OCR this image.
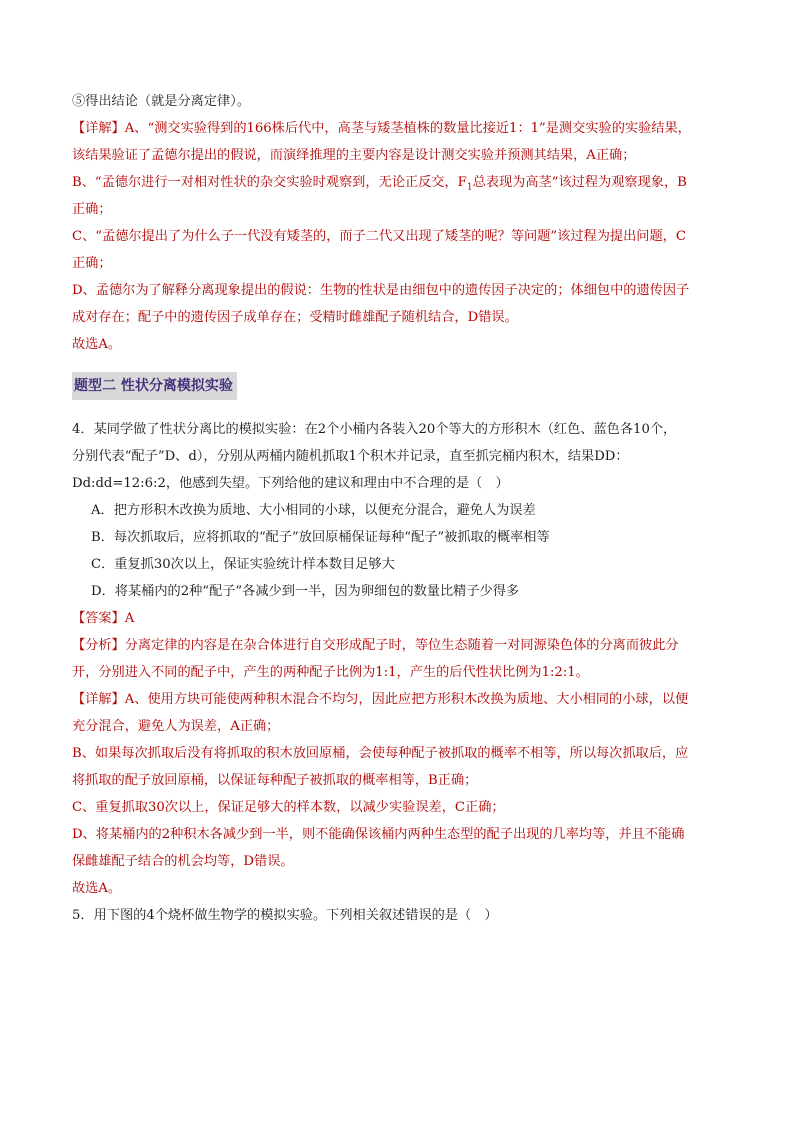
⑤得出结论（就是分离定律）。
【详解】A、“测交实验得到的166株后代中，高茎与矮茎植株的数量比接近1：1”是测交实验的实验结果，
该结果验证了孟德尔提出的假说，而演绎推理的主要内容是设计测交实验并预测其结果，A正确；
B、“孟德尔进行一对相对性状的杂交实验时观察到，无论正反交，$F_1$总表现为高茎”该过程为观察现象，B
正确；
C、“孟德尔提出了为什么子一代没有矮茎的，而子二代又出现了矮茎的呢？等问题”该过程为提出问题，C
正确；
D、孟德尔为了解释分离现象提出的假说：生物的性状是由细包中的遗传因子决定的；体细包中的遗传因子
成对存在；配子中的遗传因子成单存在；受精时雌雄配子随机结合，D错误。
故选A。
题型二 性状分离模拟实验
4．某同学做了性状分离比的模拟实验：在2个小桶内各装入20个等大的方形积木（红色、蓝色各10个，
分别代表“配子”D、d），分别从两桶内随机抓取1个积木并记录，直至抓完桶内积木，结果DD：
Dd:dd=12:6:2，他感到失望。下列给他的建议和理由中不合理的是（　）
A．把方形积木改换为质地、大小相同的小球，以便充分混合，避免人为误差
B．每次抓取后，应将抓取的“配子”放回原桶保证每种“配子”被抓取的概率相等
C．重复抓30次以上，保证实验统计样本数目足够大
D．将某桶内的2种“配子”各减少到一半，因为卵细包的数量比精子少得多
【答案】A
【分析】分离定律的内容是在杂合体进行自交形成配子时，等位生态随着一对同源染色体的分离而彼此分
开，分别进入不同的配子中，产生的两种配子比例为1:1，产生的后代性状比例为1:2:1。
【详解】A、使用方块可能使两种积木混合不均匀，因此应把方形积木改换为质地、大小相同的小球，以便
充分混合，避免人为误差，A正确；
B、如果每次抓取后没有将抓取的积木放回原桶，会使每种配子被抓取的概率不相等，所以每次抓取后，应
将抓取的配子放回原桶，以保证每种配子被抓取的概率相等，B正确；
C、重复抓取30次以上，保证足够大的样本数，以减少实验误差，C正确；
D、将某桶内的2种积木各减少到一半，则不能确保该桶内两种生态型的配子出现的几率均等，并且不能确
保雌雄配子结合的机会均等，D错误。
故选A。
5．用下图的4个烧杯做生物学的模拟实验。下列相关叙述错误的是（　）
